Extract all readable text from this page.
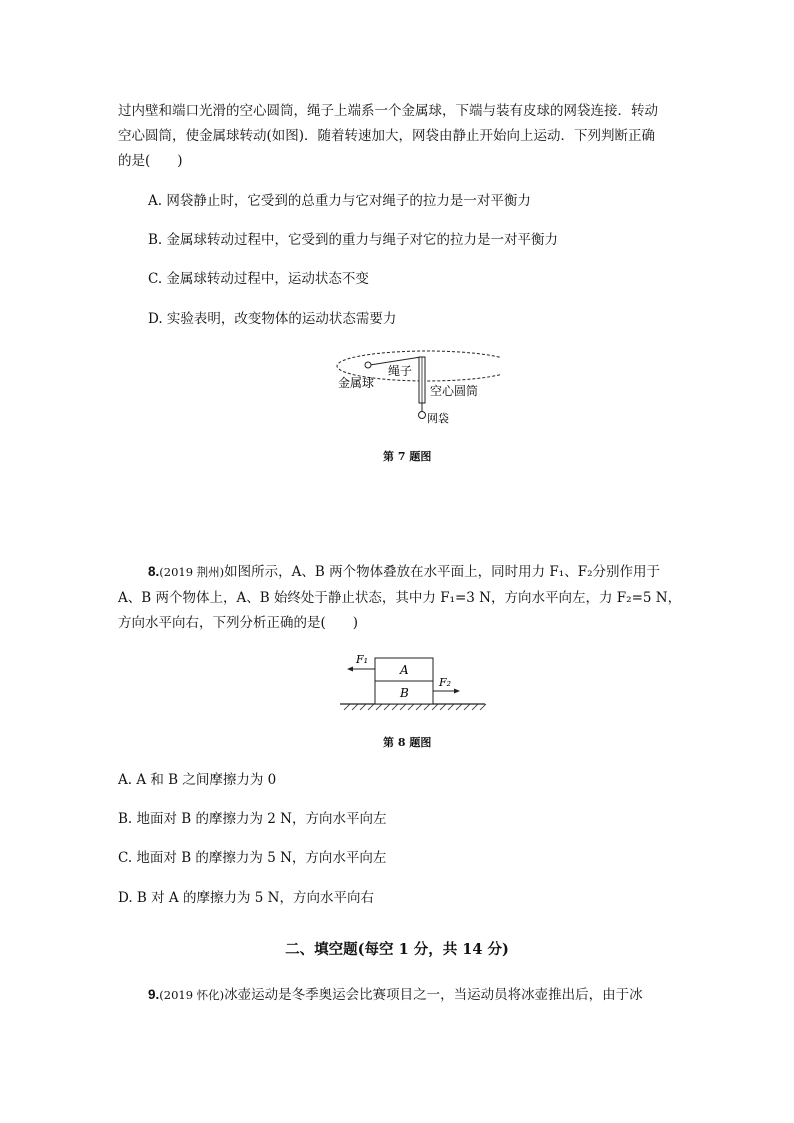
过内壁和端口光滑的空心圆筒，绳子上端系一个金属球，下端与装有皮球的网袋连接．转动
空心圆筒，使金属球转动(如图)．随着转速加大，网袋由静止开始向上运动．下列判断正确
的是(　　)
A. 网袋静止时，它受到的总重力与它对绳子的拉力是一对平衡力
B. 金属球转动过程中，它受到的重力与绳子对它的拉力是一对平衡力
C. 金属球转动过程中，运动状态不变
D. 实验表明，改变物体的运动状态需要力
绳子
金属球
空心圆筒
网袋
第 7 题图
8.(2019 荆州)如图所示，A、B 两个物体叠放在水平面上，同时用力 F₁、F₂分别作用于
A、B 两个物体上，A、B 始终处于静止状态，其中力 F₁=3 N，方向水平向左，力 F₂=5 N，
方向水平向右，下列分析正确的是(　　)
A
B
F₁
F₂
第 8 题图
A. A 和 B 之间摩擦力为 0
B. 地面对 B 的摩擦力为 2 N，方向水平向左
C. 地面对 B 的摩擦力为 5 N，方向水平向左
D. B 对 A 的摩擦力为 5 N，方向水平向右
二、填空题(每空 1 分，共 14 分)
9.(2019 怀化)冰壶运动是冬季奥运会比赛项目之一，当运动员将冰壶推出后，由于冰
